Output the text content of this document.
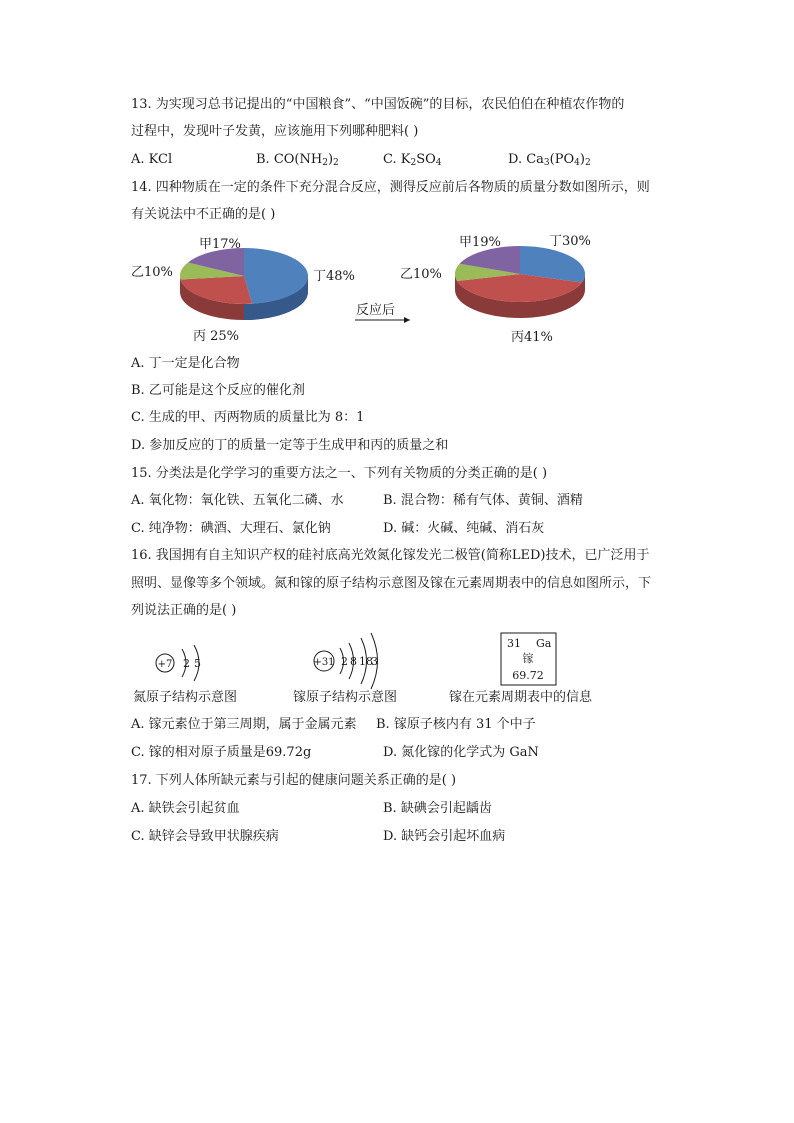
13. 为实现习总书记提出的“中国粮食”、“中国饭碗”的目标，农民伯伯在种植农作物的
过程中，发现叶子发黄，应该施用下列哪种肥料( )
A. KCl	B. $CO(NH_2)_2$	C. $K_2SO_4$	D. $Ca_3(PO_4)_2$
14. 四种物质在一定的条件下充分混合反应，测得反应前后各物质的质量分数如图所示，则
有关说法中不正确的是( )
甲17%
乙10%	丁48%
丙 25%
反应后
甲19%
乙10%
丁30%
丙41%
A. 丁一定是化合物
B. 乙可能是这个反应的催化剂
C. 生成的甲、丙两物质的质量比为 8：1
D. 参加反应的丁的质量一定等于生成甲和丙的质量之和
15. 分类法是化学学习的重要方法之一、下列有关物质的分类正确的是( )
A. 氧化物：氧化铁、五氧化二磷、水	B. 混合物：稀有气体、黄铜、酒精
C. 纯净物：碘酒、大理石、氯化钠	D. 碱：火碱、纯碱、消石灰
16. 我国拥有自主知识产权的硅衬底高光效氮化镓发光二极管(简称LED)技术，已广泛用于
照明、显像等多个领域。氮和镓的原子结构示意图及镓在元素周期表中的信息如图所示，下
列说法正确的是( )
+7 2 5	+31 2 8 18
3
31 Ga
镓
69.72
氮原子结构示意图	镓原子结构示意图	镓在元素周期表中的信息
A. 镓元素位于第三周期，属于金属元素 B. 镓原子核内有 31 个中子
C. 镓的相对原子质量是69.72g	D. 氮化镓的化学式为 GaN
17. 下列人体所缺元素与引起的健康问题关系正确的是( )
A. 缺铁会引起贫血	B. 缺碘会引起龋齿
C. 缺锌会导致甲状腺疾病	D. 缺钙会引起坏血病
